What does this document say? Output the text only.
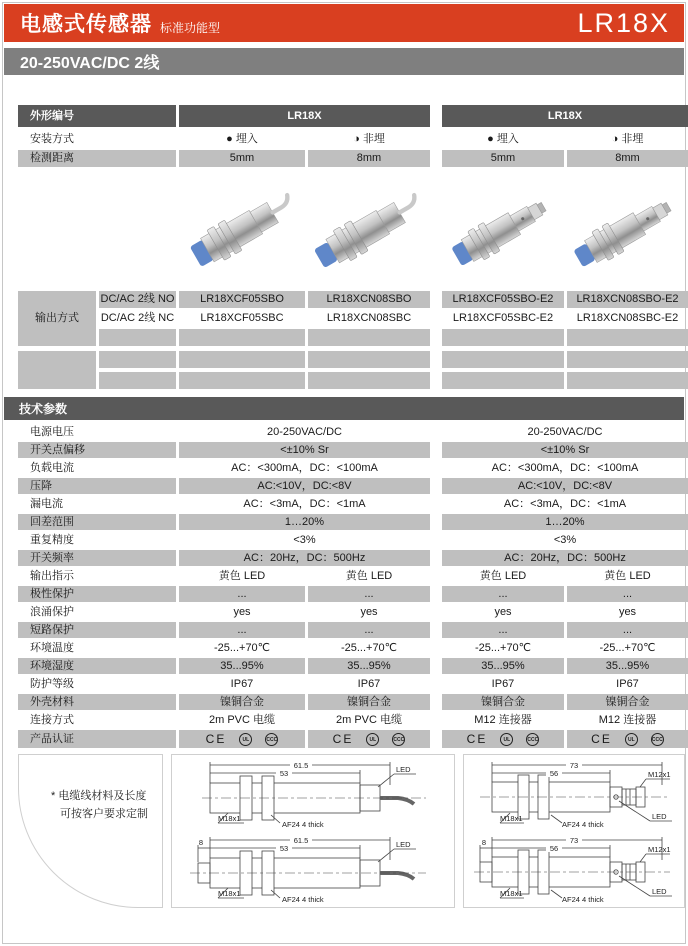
电感式传感器 标准功能型	LR18X
20-250VAC/DC 2线
外形编号	LR18X	LR18X
安装方式	● 埋入	◑ 非埋	● 埋入	◑ 非埋
检测距离	5mm	8mm	5mm	8mm
输出方式
DC/AC 2线 NO	LR18XCF05SBO	LR18XCN08SBO	LR18XCF05SBO-E2	LR18XCN08SBO-E2
DC/AC 2线 NC	LR18XCF05SBC	LR18XCN08SBC	LR18XCF05SBC-E2	LR18XCN08SBC-E2
技术参数
电源电压	20-250VAC/DC	20-250VAC/DC
开关点偏移	<±10% Sr	<±10% Sr
负载电流	AC：<300mA，DC：<100mA	AC：<300mA，DC：<100mA
压降	AC:<10V，DC:<8V	AC:<10V，DC:<8V
漏电流	AC：<3mA，DC：<1mA	AC：<3mA，DC：<1mA
回差范围	1…20%	1…20%
重复精度	<3%	<3%
开关频率	AC：20Hz，DC：500Hz	AC：20Hz，DC：500Hz
输出指示	黄色 LED	黄色 LED	黄色 LED	黄色 LED
极性保护	...	...	...	...
浪涌保护	yes	yes	yes	yes
短路保护	...	...	...	...
环境温度	-25...+70℃	-25...+70℃	-25...+70℃	-25...+70℃
环境湿度	35...95%	35...95%	35...95%	35...95%
防护等级	IP67	IP67	IP67	IP67
外壳材料	镍铜合金	镍铜合金	镍铜合金	镍铜合金
连接方式	2m PVC 电缆	2m PVC 电缆	M12 连接器	M12 连接器
产品认证	CE	UL	CCC	CE	UL	CCC	CE	UL	CCC	CE	UL	CCC
* 电缆线材料及长度
可按客户要求定制
61.5
53	LED
M18x1
AF24 4 thick
8	61.5
53	LED
M18x1
AF24 4 thick
73
56	M12x1
LED
M18x1
AF24 4 thick
8	73
56	M12x1
LED
M18x1
AF24 4 thick
